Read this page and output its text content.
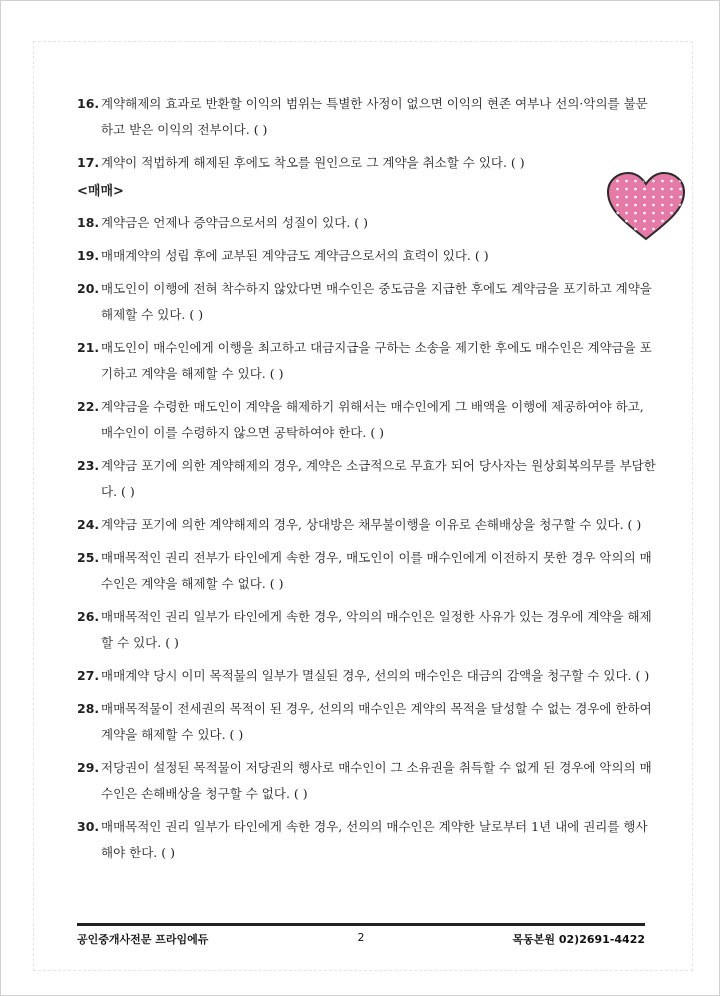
16. 계약해제의 효과로 반환할 이익의 범위는 특별한 사정이 없으면 이익의 현존 여부나 선의·악의를 불문하고 받은 이익의 전부이다. ( )
17. 계약이 적법하게 해제된 후에도 착오를 원인으로 그 계약을 취소할 수 있다. ( )
<매매>
18. 계약금은 언제나 증약금으로서의 성질이 있다. ( )
19. 매매계약의 성립 후에 교부된 계약금도 계약금으로서의 효력이 있다. ( )
20. 매도인이 이행에 전혀 착수하지 않았다면 매수인은 중도금을 지급한 후에도 계약금을 포기하고 계약을 해제할 수 있다. ( )
21. 매도인이 매수인에게 이행을 최고하고 대금지급을 구하는 소송을 제기한 후에도 매수인은 계약금을 포기하고 계약을 해제할 수 있다. ( )
22. 계약금을 수령한 매도인이 계약을 해제하기 위해서는 매수인에게 그 배액을 이행에 제공하여야 하고, 매수인이 이를 수령하지 않으면 공탁하여야 한다. ( )
23. 계약금 포기에 의한 계약해제의 경우, 계약은 소급적으로 무효가 되어 당사자는 원상회복의무를 부담한다. ( )
24. 계약금 포기에 의한 계약해제의 경우, 상대방은 채무불이행을 이유로 손해배상을 청구할 수 있다. ( )
25. 매매목적인 권리 전부가 타인에게 속한 경우, 매도인이 이를 매수인에게 이전하지 못한 경우 악의의 매수인은 계약을 해제할 수 없다. ( )
26. 매매목적인 권리 일부가 타인에게 속한 경우, 악의의 매수인은 일정한 사유가 있는 경우에 계약을 해제할 수 있다. ( )
27. 매매계약 당시 이미 목적물의 일부가 멸실된 경우, 선의의 매수인은 대금의 감액을 청구할 수 있다. ( )
28. 매매목적물이 전세권의 목적이 된 경우, 선의의 매수인은 계약의 목적을 달성할 수 없는 경우에 한하여 계약을 해제할 수 있다. ( )
29. 저당권이 설정된 목적물이 저당권의 행사로 매수인이 그 소유권을 취득할 수 없게 된 경우에 악의의 매수인은 손해배상을 청구할 수 없다. ( )
30. 매매목적인 권리 일부가 타인에게 속한 경우, 선의의 매수인은 계약한 날로부터 1년 내에 권리를 행사해야 한다. ( )
공인중개사전문 프라임에듀	2	목동본원 02)2691-4422
